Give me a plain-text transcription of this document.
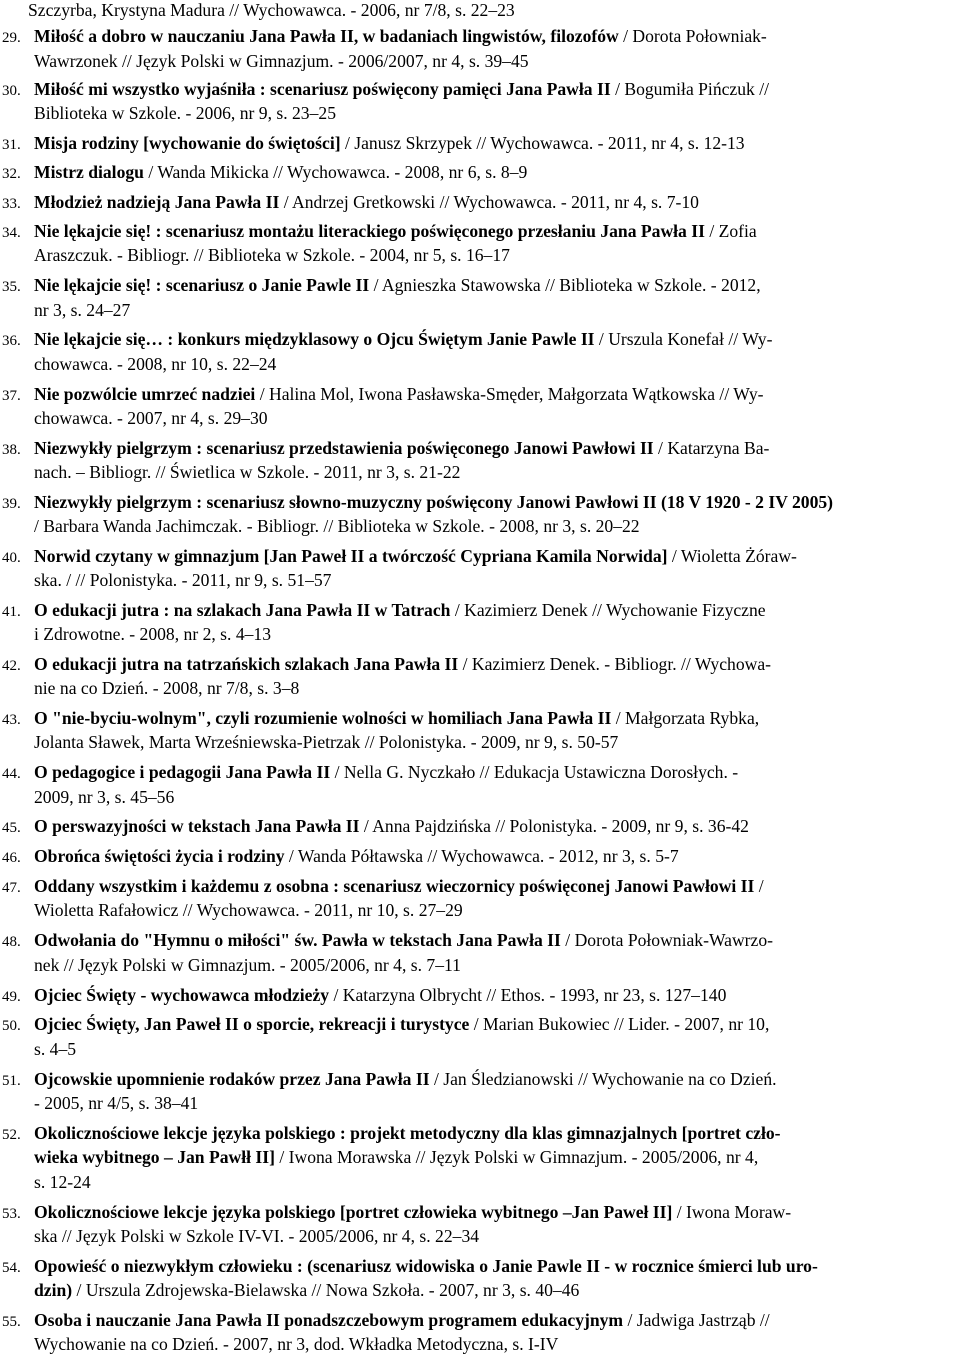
Szczyrba, Krystyna Madura // Wychowawca. - 2006, nr 7/8, s. 22–23
29. Miłość a dobro w nauczaniu Jana Pawła II, w badaniach lingwistów, filozofów / Dorota Połowniak-
Wawrzonek // Język Polski w Gimnazjum. - 2006/2007, nr 4, s. 39–45
30. Miłość mi wszystko wyjaśniła : scenariusz poświęcony pamięci Jana Pawła II / Bogumiła Pińczuk //
Biblioteka w Szkole. - 2006, nr 9, s. 23–25
31. Misja rodziny [wychowanie do świętości] / Janusz Skrzypek // Wychowawca. - 2011, nr 4, s. 12-13
32. Mistrz dialogu / Wanda Mikicka // Wychowawca. - 2008, nr 6, s. 8–9
33. Młodzież nadzieją Jana Pawła II / Andrzej Gretkowski // Wychowawca. - 2011, nr 4, s. 7-10
34. Nie lękajcie się! : scenariusz montażu literackiego poświęconego przesłaniu Jana Pawła II / Zofia
Araszczuk. - Bibliogr. // Biblioteka w Szkole. - 2004, nr 5, s. 16–17
35. Nie lękajcie się! : scenariusz o Janie Pawle II / Agnieszka Stawowska // Biblioteka w Szkole. - 2012,
nr 3, s. 24–27
36. Nie lękajcie się… : konkurs międzyklasowy o Ojcu Świętym Janie Pawle II / Urszula Konefał // Wy-
chowawca. - 2008, nr 10, s. 22–24
37. Nie pozwólcie umrzeć nadziei / Halina Mol, Iwona Pasławska-Smęder, Małgorzata Wątkowska // Wy-
chowawca. - 2007, nr 4, s. 29–30
38. Niezwykły pielgrzym : scenariusz przedstawienia poświęconego Janowi Pawłowi II / Katarzyna Ba-
nach. – Bibliogr. // Świetlica w Szkole. - 2011, nr 3, s. 21-22
39. Niezwykły pielgrzym : scenariusz słowno-muzyczny poświęcony Janowi Pawłowi II (18 V 1920 - 2 IV 2005)
/ Barbara Wanda Jachimczak. - Bibliogr. // Biblioteka w Szkole. - 2008, nr 3, s. 20–22
40. Norwid czytany w gimnazjum [Jan Paweł II a twórczość Cypriana Kamila Norwida] / Wioletta Żóraw-
ska. / // Polonistyka. - 2011, nr 9, s. 51–57
41. O edukacji jutra : na szlakach Jana Pawła II w Tatrach / Kazimierz Denek // Wychowanie Fizyczne
i Zdrowotne. - 2008, nr 2, s. 4–13
42. O edukacji jutra na tatrzańskich szlakach Jana Pawła II / Kazimierz Denek. - Bibliogr. // Wychowa-
nie na co Dzień. - 2008, nr 7/8, s. 3–8
43. O "nie-byciu-wolnym", czyli rozumienie wolności w homiliach Jana Pawła II / Małgorzata Rybka,
Jolanta Sławek, Marta Wrześniewska-Pietrzak // Polonistyka. - 2009, nr 9, s. 50-57
44. O pedagogice i pedagogii Jana Pawła II / Nella G. Nyczkało // Edukacja Ustawiczna Dorosłych. -
2009, nr 3, s. 45–56
45. O perswazyjności w tekstach Jana Pawła II / Anna Pajdzińska // Polonistyka. - 2009, nr 9, s. 36-42
46. Obrońca świętości życia i rodziny / Wanda Półtawska // Wychowawca. - 2012, nr 3, s. 5-7
47. Oddany wszystkim i każdemu z osobna : scenariusz wieczornicy poświęconej Janowi Pawłowi II /
Wioletta Rafałowicz // Wychowawca. - 2011, nr 10, s. 27–29
48. Odwołania do "Hymnu o miłości" św. Pawła w tekstach Jana Pawła II / Dorota Połowniak-Wawrzo-
nek // Język Polski w Gimnazjum. - 2005/2006, nr 4, s. 7–11
49. Ojciec Święty - wychowawca młodzieży / Katarzyna Olbrycht // Ethos. - 1993, nr 23, s. 127–140
50. Ojciec Święty, Jan Paweł II o sporcie, rekreacji i turystyce / Marian Bukowiec // Lider. - 2007, nr 10,
s. 4–5
51. Ojcowskie upomnienie rodaków przez Jana Pawła II / Jan Śledzianowski // Wychowanie na co Dzień.
- 2005, nr 4/5, s. 38–41
52. Okolicznościowe lekcje języka polskiego : projekt metodyczny dla klas gimnazjalnych [portret czło-
wieka wybitnego – Jan Pawłł II] / Iwona Morawska // Język Polski w Gimnazjum. - 2005/2006, nr 4,
s. 12-24
53. Okolicznościowe lekcje języka polskiego [portret człowieka wybitnego –Jan Paweł II] / Iwona Moraw-
ska // Język Polski w Szkole IV-VI. - 2005/2006, nr 4, s. 22–34
54. Opowieść o niezwykłym człowieku : (scenariusz widowiska o Janie Pawle II - w rocznice śmierci lub uro-
dzin) / Urszula Zdrojewska-Bielawska // Nowa Szkoła. - 2007, nr 3, s. 40–46
55. Osoba i nauczanie Jana Pawła II ponadszczebowym programem edukacyjnym / Jadwiga Jastrząb //
Wychowanie na co Dzień. - 2007, nr 3, dod. Wkładka Metodyczna, s. I-IV
